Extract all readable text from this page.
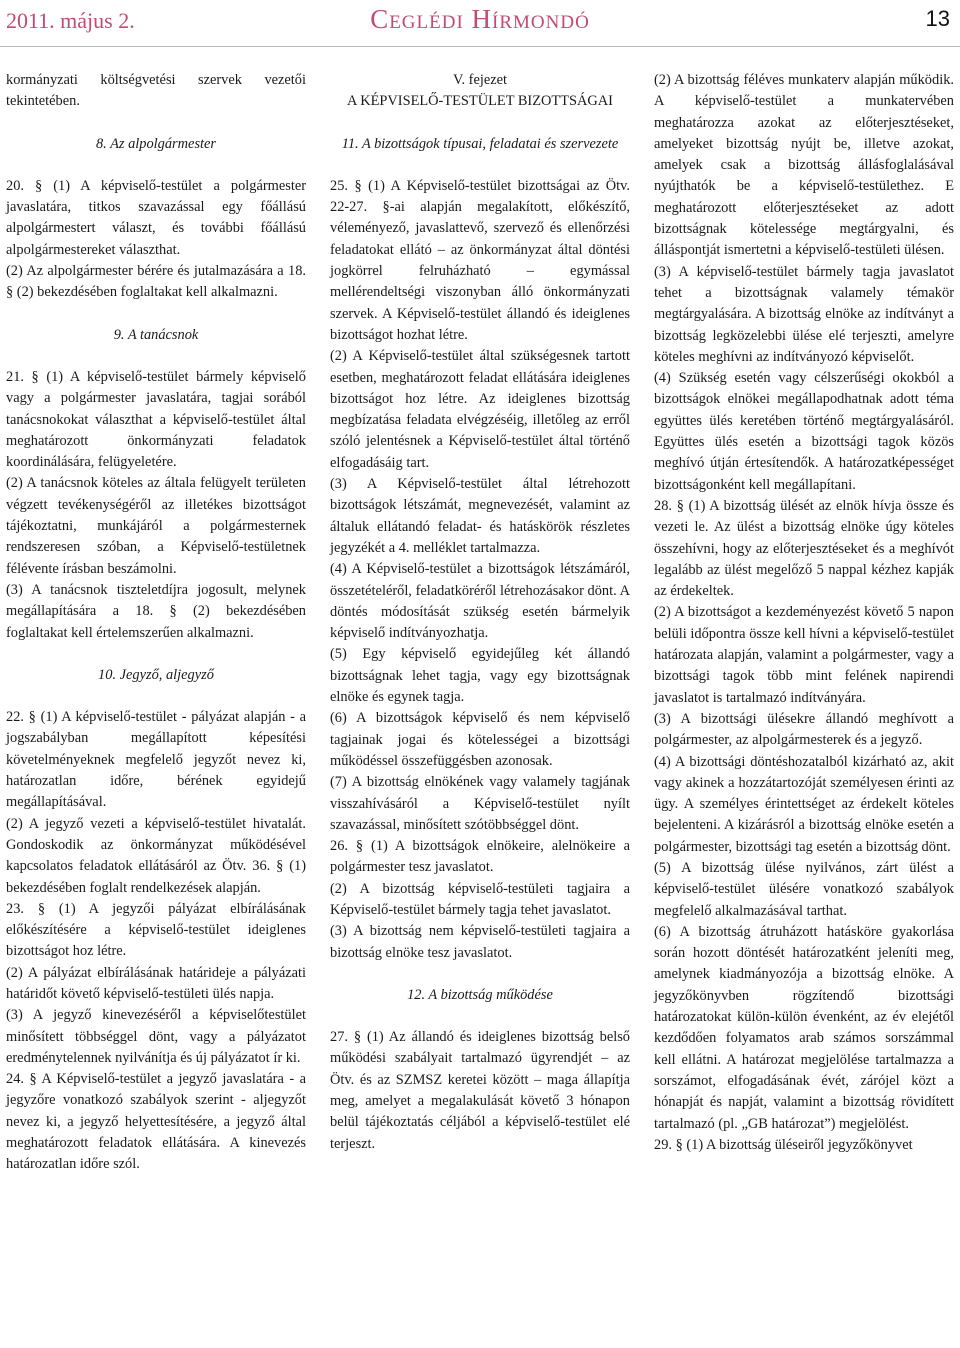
2011. május 2.	Ceglédi Hírmondó	13

kormányzati költségvetési szervek vezetői tekintetében.

8. Az alpolgármester

20. § (1) A képviselő-testület a polgármester javaslatára, titkos szavazással egy főállású alpolgármestert választ, és további főállású alpolgármestereket választhat.

(2) Az alpolgármester bérére és jutalmazására a 18. § (2) bekezdésében foglaltakat kell alkalmazni.

9. A tanácsnok

21. § (1) A képviselő-testület bármely képviselő vagy a polgármester javaslatára, tagjai sorából tanácsnokokat választhat a képviselő-testület által meghatározott önkormányzati feladatok koordinálására, felügyeletére.

(2) A tanácsnok köteles az általa felügyelt területen végzett tevékenységéről az illetékes bizottságot tájékoztatni, munkájáról a polgármesternek rendszeresen szóban, a Képviselő-testületnek félévente írásban beszámolni.

(3) A tanácsnok tiszteletdíjra jogosult, melynek megállapítására a 18. § (2) bekezdésében foglaltakat kell értelemszerűen alkalmazni.

10. Jegyző, aljegyző

22. § (1) A képviselő-testület - pályázat alapján - a jogszabályban megállapított képesítési követelményeknek megfelelő jegyzőt nevez ki, határozatlan időre, bérének egyidejű megállapításával.

(2) A jegyző vezeti a képviselő-testület hivatalát. Gondoskodik az önkormányzat működésével kapcsolatos feladatok ellátásáról az Ötv. 36. § (1) bekezdésében foglalt rendelkezések alapján.

23. § (1) A jegyzői pályázat elbírálásának előkészítésére a képviselő-testület ideiglenes bizottságot hoz létre.

(2) A pályázat elbírálásának határideje a pályázati határidőt követő képviselő-testületi ülés napja.

(3) A jegyző kinevezéséről a képviselőtestület minősített többséggel dönt, vagy a pályázatot eredménytelennek nyilvánítja és új pályázatot ír ki.

24. § A Képviselő-testület a jegyző javaslatára - a jegyzőre vonatkozó szabályok szerint - aljegyzőt nevez ki, a jegyző helyettesítésére, a jegyző által meghatározott feladatok ellátására. A kinevezés határozatlan időre szól.

V. fejezet

A KÉPVISELŐ-TESTÜLET BIZOTTSÁGAI

11. A bizottságok típusai, feladatai és szervezete

25. § (1) A Képviselő-testület bizottságai az Ötv. 22-27. §-ai alapján megalakított, előkészítő, véleményező, javaslattevő, szervező és ellenőrzési feladatokat ellátó – az önkormányzat által döntési jogkörrel felruházható – egymással mellérendeltségi viszonyban álló önkormányzati szervek. A Képviselő-testület állandó és ideiglenes bizottságot hozhat létre.

(2) A Képviselő-testület által szükségesnek tartott esetben, meghatározott feladat ellátására ideiglenes bizottságot hoz létre. Az ideiglenes bizottság megbízatása feladata elvégzéséig, illetőleg az erről szóló jelentésnek a Képviselő-testület által történő elfogadásáig tart.

(3) A Képviselő-testület által létrehozott bizottságok létszámát, megnevezését, valamint az általuk ellátandó feladat- és hatáskörök részletes jegyzékét a 4. melléklet tartalmazza.

(4) A Képviselő-testület a bizottságok létszámáról, összetételéről, feladatköréről létrehozásakor dönt. A döntés módosítását szükség esetén bármelyik képviselő indítványozhatja.

(5) Egy képviselő egyidejűleg két állandó bizottságnak lehet tagja, vagy egy bizottságnak elnöke és egynek tagja.

(6) A bizottságok képviselő és nem képviselő tagjainak jogai és kötelességei a bizottsági működéssel összefüggésben azonosak.

(7) A bizottság elnökének vagy valamely tagjának visszahívásáról a Képviselő-testület nyílt szavazással, minősített szótöbbséggel dönt.

26. § (1) A bizottságok elnökeire, alelnökeire a polgármester tesz javaslatot.

(2) A bizottság képviselő-testületi tagjaira a Képviselő-testület bármely tagja tehet javaslatot.

(3) A bizottság nem képviselő-testületi tagjaira a bizottság elnöke tesz javaslatot.

12. A bizottság működése

27. § (1) Az állandó és ideiglenes bizottság belső működési szabályait tartalmazó ügyrendjét – az Ötv. és az SZMSZ keretei között – maga állapítja meg, amelyet a megalakulását követő 3 hónapon belül tájékoztatás céljából a képviselő-testület elé terjeszt.

(2) A bizottság féléves munkaterv alapján működik. A képviselő-testület a munkatervében meghatározza azokat az előterjesztéseket, amelyeket bizottság nyújt be, illetve azokat, amelyek csak a bizottság állásfoglalásával nyújthatók be a képviselő-testülethez. E meghatározott előterjesztéseket az adott bizottságnak kötelessége megtárgyalni, és álláspontját ismertetni a képviselő-testületi ülésen.

(3) A képviselő-testület bármely tagja javaslatot tehet a bizottságnak valamely témakör megtárgyalására. A bizottság elnöke az indítványt a bizottság legközelebbi ülése elé terjeszti, amelyre köteles meghívni az indítványozó képviselőt.

(4) Szükség esetén vagy célszerűségi okokból a bizottságok elnökei megállapodhatnak adott téma együttes ülés keretében történő megtárgyalásáról. Együttes ülés esetén a bizottsági tagok közös meghívó útján értesítendők. A határozatképességet bizottságonként kell megállapítani.

28. § (1) A bizottság ülését az elnök hívja össze és vezeti le. Az ülést a bizottság elnöke úgy köteles összehívni, hogy az előterjesztéseket és a meghívót legalább az ülést megelőző 5 nappal kézhez kapják az érdekeltek.

(2) A bizottságot a kezdeményezést követő 5 napon belüli időpontra össze kell hívni a képviselő-testület határozata alapján, valamint a polgármester, vagy a bizottsági tagok több mint felének napirendi javaslatot is tartalmazó indítványára.

(3) A bizottsági ülésekre állandó meghívott a polgármester, az alpolgármesterek és a jegyző.

(4) A bizottsági döntéshozatalból kizárható az, akit vagy akinek a hozzátartozóját személyesen érinti az ügy. A személyes érintettséget az érdekelt köteles bejelenteni. A kizárásról a bizottság elnöke esetén a polgármester, bizottsági tag esetén a bizottság dönt.

(5) A bizottság ülése nyilvános, zárt ülést a képviselő-testület ülésére vonatkozó szabályok megfelelő alkalmazásával tarthat.

(6) A bizottság átruházott hatásköre gyakorlása során hozott döntését határozatként jeleníti meg, amelynek kiadmányozója a bizottság elnöke. A jegyzőkönyvben rögzítendő bizottsági határozatokat külön-külön évenként, az év elejétől kezdődően folyamatos arab számos sorszámmal kell ellátni. A határozat megjelölése tartalmazza a sorszámot, elfogadásának évét, zárójel közt a hónapját és napját, valamint a bizottság rövidített tartalmazó (pl. „GB határozat”) megjelölést.

29. § (1) A bizottság üléseiről jegyzőkönyvet
